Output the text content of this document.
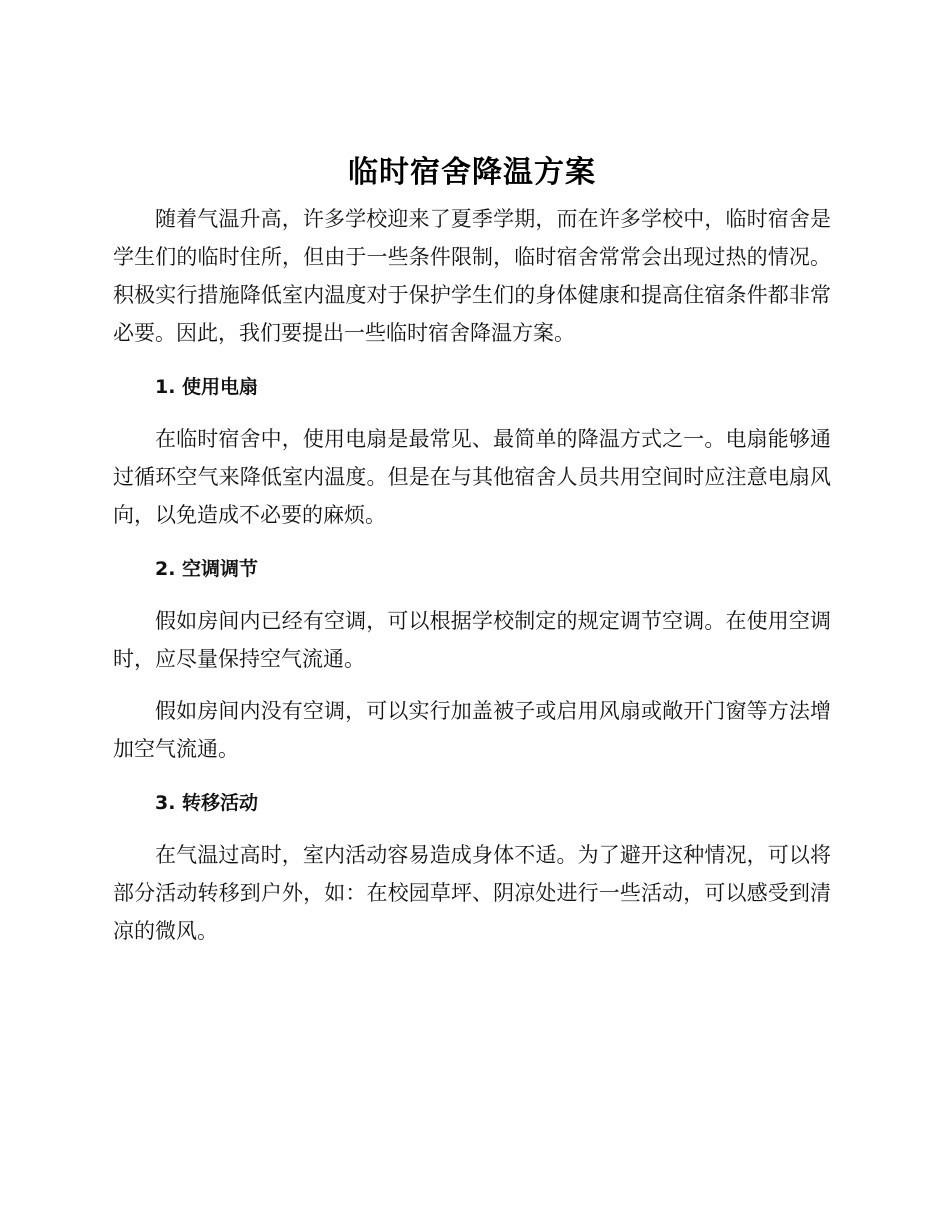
临时宿舍降温方案

随着气温升高，许多学校迎来了夏季学期，而在许多学校中，临时宿舍是学生们的临时住所，但由于一些条件限制，临时宿舍常常会出现过热的情况。积极实行措施降低室内温度对于保护学生们的身体健康和提高住宿条件都非常必要。因此，我们要提出一些临时宿舍降温方案。

1. 使用电扇

在临时宿舍中，使用电扇是最常见、最简单的降温方式之一。电扇能够通过循环空气来降低室内温度。但是在与其他宿舍人员共用空间时应注意电扇风向，以免造成不必要的麻烦。

2. 空调调节

假如房间内已经有空调，可以根据学校制定的规定调节空调。在使用空调时，应尽量保持空气流通。

假如房间内没有空调，可以实行加盖被子或启用风扇或敞开门窗等方法增加空气流通。

3. 转移活动

在气温过高时，室内活动容易造成身体不适。为了避开这种情况，可以将部分活动转移到户外，如：在校园草坪、阴凉处进行一些活动，可以感受到清凉的微风。
